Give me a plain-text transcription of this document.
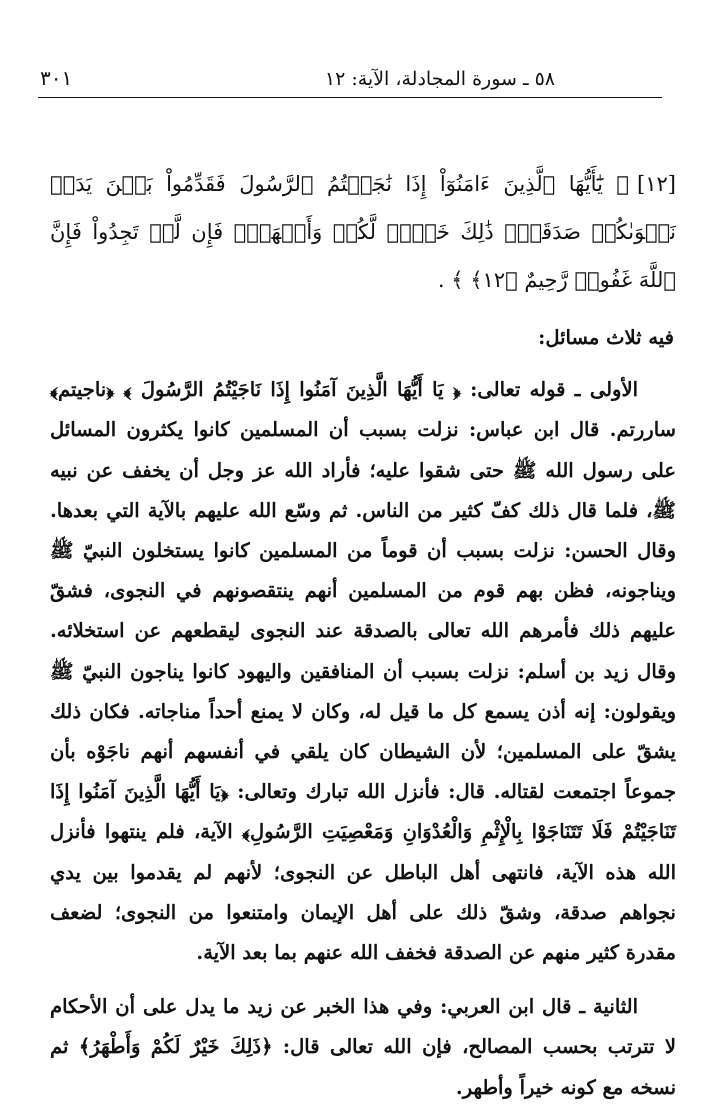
٣٠١	٥٨ ـ سورة المجادلة، الآية: ١٢

[١٢]﴿ يَٰٓأَيُّهَا ٱلَّذِينَ ءَامَنُوٓاْ إِذَا نَٰجَيۡتُمُ ٱلرَّسُولَ فَقَدِّمُواْ بَيۡنَ يَدَيۡ نَجۡوَىٰكُمۡ صَدَقَةٗۚ ذَٰلِكَ خَيۡرٞ لَّكُمۡ وَأَطۡهَرُۚ فَإِن لَّمۡ تَجِدُواْ فَإِنَّ ٱللَّهَ غَفُورٞ رَّحِيمٌ ﴿١٢﴾ ﴾ .

فيه ثلاث مسائل:

الأولى ـ قوله تعالى: ﴿ يَا أَيُّهَا الَّذِينَ آمَنُوا إِذَا نَاجَيْتُمُ الرَّسُولَ ﴾ ﴿ناجيتم﴾ ساررتم. قال ابن عباس: نزلت بسبب أن المسلمين كانوا يكثرون المسائل على رسول الله ﷺ حتى شقوا عليه؛ فأراد الله عز وجل أن يخفف عن نبيه ﷺ، فلما قال ذلك كفّ كثير من الناس. ثم وسّع الله عليهم بالآية التي بعدها. وقال الحسن: نزلت بسبب أن قوماً من المسلمين كانوا يستخلون النبيّ ﷺ ويناجونه، فظن بهم قوم من المسلمين أنهم ينتقصونهم في النجوى، فشقّ عليهم ذلك فأمرهم الله تعالى بالصدقة عند النجوى ليقطعهم عن استخلائه. وقال زيد بن أسلم: نزلت بسبب أن المنافقين واليهود كانوا يناجون النبيّ ﷺ ويقولون: إنه أذن يسمع كل ما قيل له، وكان لا يمنع أحداً مناجاته. فكان ذلك يشقّ على المسلمين؛ لأن الشيطان كان يلقي في أنفسهم أنهم ناجَوْه بأن جموعاً اجتمعت لقتاله. قال: فأنزل الله تبارك وتعالى: ﴿يَا أَيُّهَا الَّذِينَ آمَنُوا إِذَا تَنَاجَيْتُمْ فَلَا تَتَنَاجَوْا بِالْإِثْمِ وَالْعُدْوَانِ وَمَعْصِيَتِ الرَّسُولِ﴾ الآية، فلم ينتهوا فأنزل الله هذه الآية، فانتهى أهل الباطل عن النجوى؛ لأنهم لم يقدموا بين يدي نجواهم صدقة، وشقّ ذلك على أهل الإيمان وامتنعوا من النجوى؛ لضعف مقدرة كثير منهم عن الصدقة فخفف الله عنهم بما بعد الآية.

الثانية ـ قال ابن العربي: وفي هذا الخبر عن زيد ما يدل على أن الأحكام لا تترتب بحسب المصالح، فإن الله تعالى قال: ﴿ذَلِكَ خَيْرٌ لَكُمْ وَأَطْهَرُ﴾ ثم نسخه مع كونه خيراً وأطهر.
